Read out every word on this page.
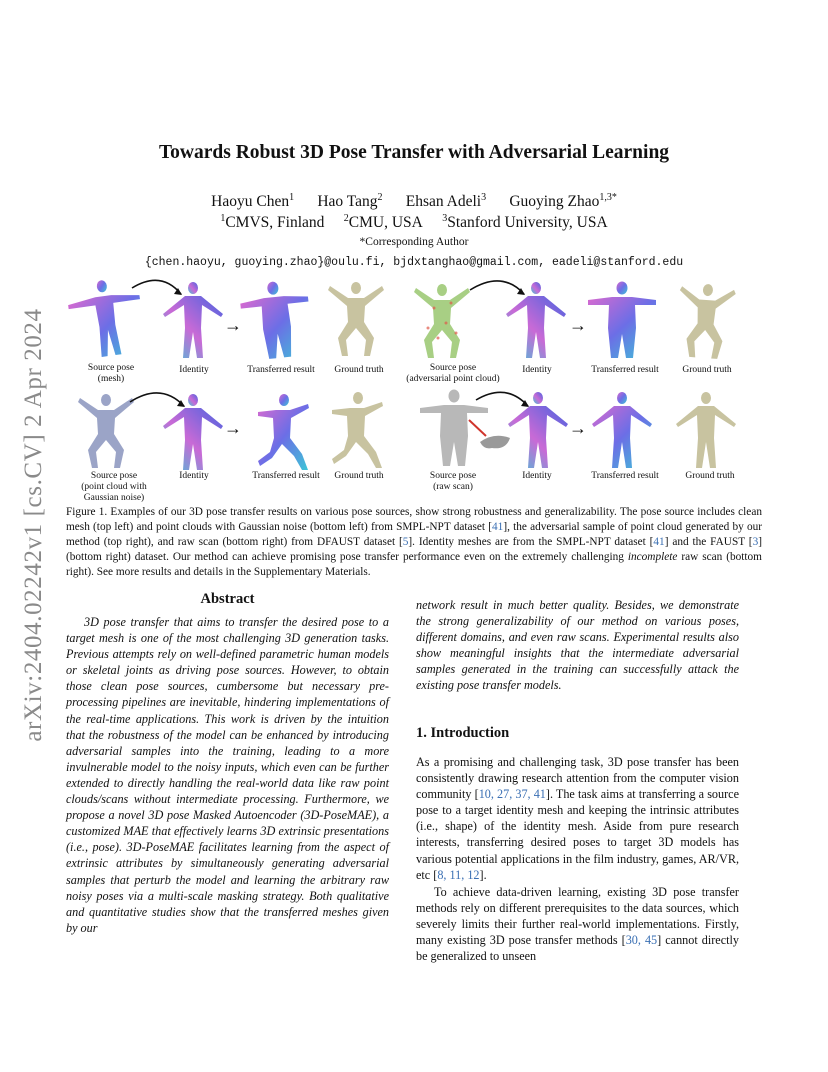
arXiv:2404.02242v1 [cs.CV] 2 Apr 2024
Towards Robust 3D Pose Transfer with Adversarial Learning
Haoyu Chen$^1$ Hao Tang$^2$ Ehsan Adeli$^3$ Guoying Zhao$^{1,3*}$
$^1$CMVS, Finland $^2$CMU, USA $^3$Stanford University, USA
*Corresponding Author
{chen.haoyu, guoying.zhao}@oulu.fi, bjdxtanghao@gmail.com, eadeli@stanford.edu
→	→
→	→
Source pose
(mesh)
Identity	Transferred result	Ground truth	Source pose
(adversarial point cloud)
Identity	Transferred result	Ground truth
Source pose
(point cloud with
Gaussian noise)
Identity	Transferred result	Ground truth	Source pose
(raw scan)
Identity	Transferred result	Ground truth
Figure 1. Examples of our 3D pose transfer results on various pose sources, show strong robustness and generalizability. The pose source includes clean mesh (top left) and point clouds with Gaussian noise (bottom left) from SMPL-NPT dataset [41], the adversarial sample of point cloud generated by our method (top right), and raw scan (bottom right) from DFAUST dataset [5]. Identity meshes are from the SMPL-NPT dataset [41] and the FAUST [3] (bottom right) dataset. Our method can achieve promising pose transfer performance even on the extremely challenging incomplete raw scan (bottom right). See more results and details in the Supplementary Materials.
Abstract
3D pose transfer that aims to transfer the desired pose to a target mesh is one of the most challenging 3D generation tasks. Previous attempts rely on well-defined parametric human models or skeletal joints as driving pose sources. However, to obtain those clean pose sources, cumbersome but necessary pre-processing pipelines are inevitable, hindering implementations of the real-time applications. This work is driven by the intuition that the robustness of the model can be enhanced by introducing adversarial samples into the training, leading to a more invulnerable model to the noisy inputs, which even can be further extended to directly handling the real-world data like raw point clouds/scans without intermediate processing. Furthermore, we propose a novel 3D pose Masked Autoencoder (3D-PoseMAE), a customized MAE that effectively learns 3D extrinsic presentations (i.e., pose). 3D-PoseMAE facilitates learning from the aspect of extrinsic attributes by simultaneously generating adversarial samples that perturb the model and learning the arbitrary raw noisy poses via a multi-scale masking strategy. Both qualitative and quantitative studies show that the transferred meshes given by our
network result in much better quality. Besides, we demonstrate the strong generalizability of our method on various poses, different domains, and even raw scans. Experimental results also show meaningful insights that the intermediate adversarial samples generated in the training can successfully attack the existing pose transfer models.
1. Introduction
As a promising and challenging task, 3D pose transfer has been consistently drawing research attention from the computer vision community [10, 27, 37, 41]. The task aims at transferring a source pose to a target identity mesh and keeping the intrinsic attributes (i.e., shape) of the identity mesh. Aside from pure research interests, transferring desired poses to target 3D models has various potential applications in the film industry, games, AR/VR, etc [8, 11, 12].
To achieve data-driven learning, existing 3D pose transfer methods rely on different prerequisites to the data sources, which severely limits their further real-world implementations. Firstly, many existing 3D pose transfer methods [30, 45] cannot directly be generalized to unseen
